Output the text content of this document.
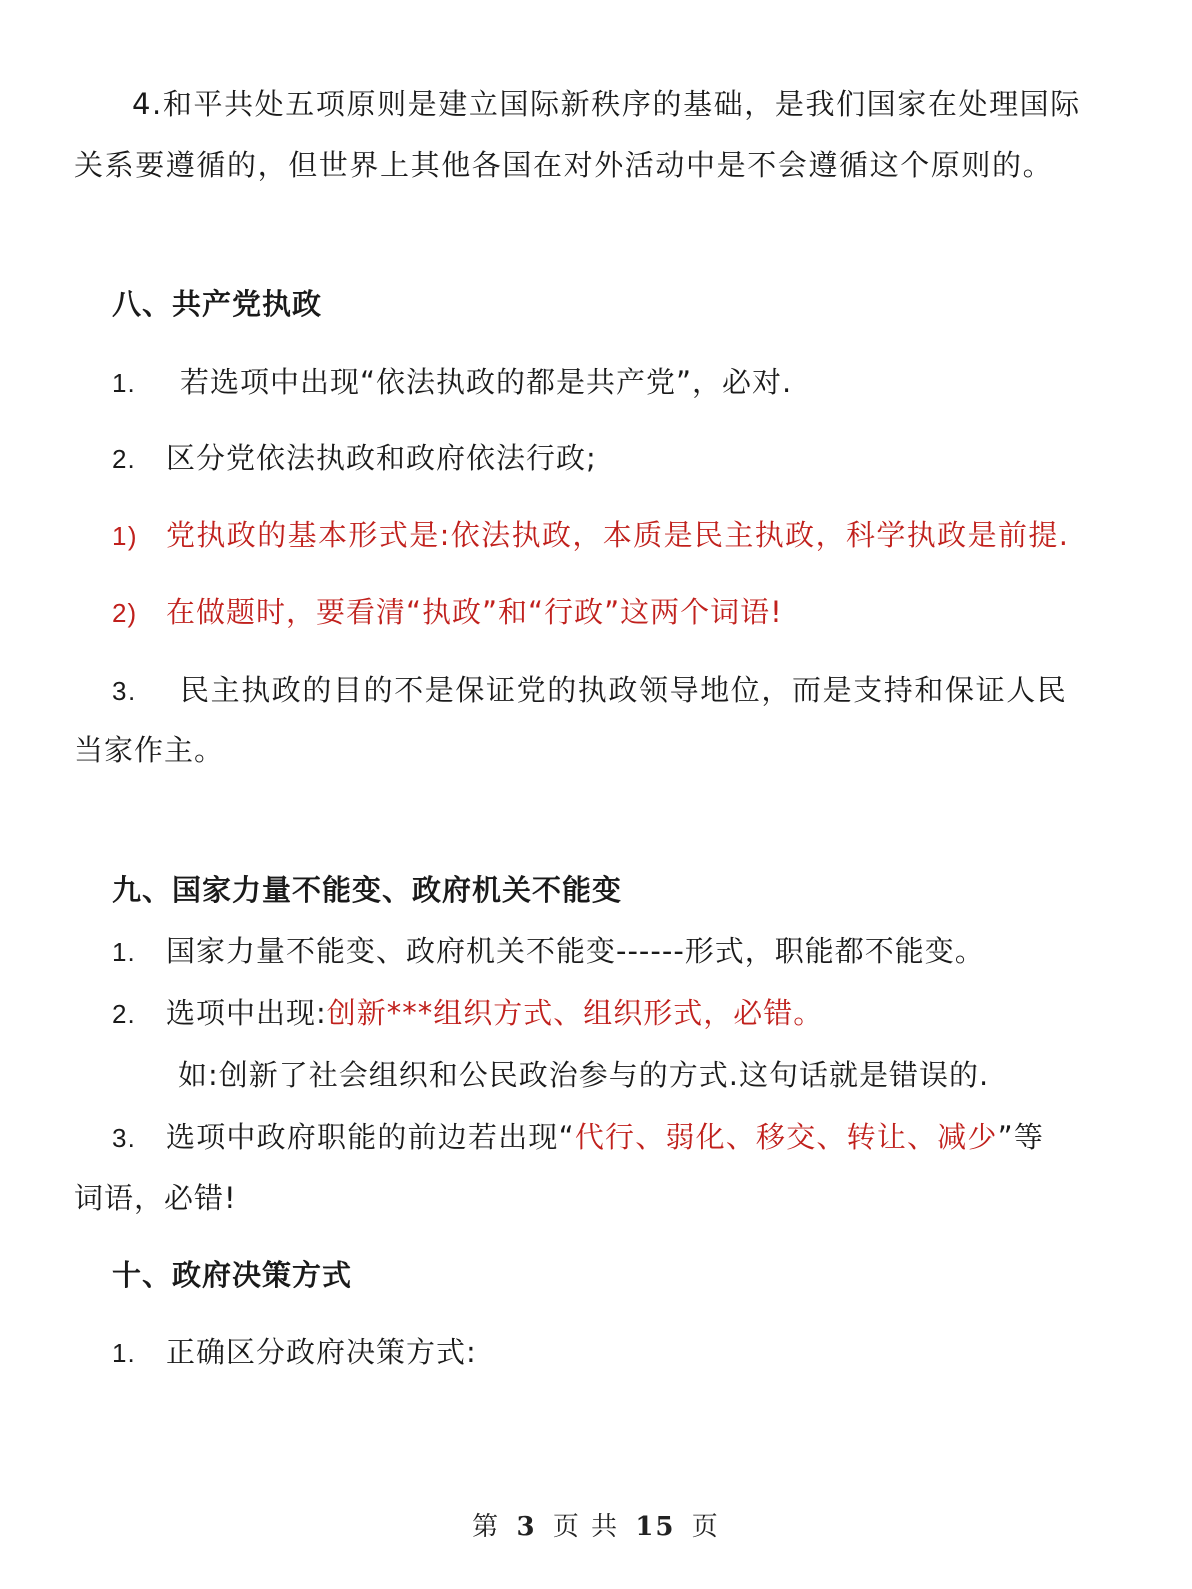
4.和平共处五项原则是建立国际新秩序的基础，是我们国家在处理国际
关系要遵循的，但世界上其他各国在对外活动中是不会遵循这个原则的。
八、共产党执政
1. 若选项中出现“依法执政的都是共产党”，必对.
2. 区分党依法执政和政府依法行政;
1) 党执政的基本形式是:依法执政，本质是民主执政，科学执政是前提.
2) 在做题时，要看清“执政”和“行政”这两个词语!
3. 民主执政的目的不是保证党的执政领导地位，而是支持和保证人民
当家作主。
九、国家力量不能变、政府机关不能变
1. 国家力量不能变、政府机关不能变------形式，职能都不能变。
2. 选项中出现:创新***组织方式、组织形式，必错。
如:创新了社会组织和公民政治参与的方式.这句话就是错误的.
3. 选项中政府职能的前边若出现“代行、弱化、移交、转让、减少”等
词语，必错!
十、政府决策方式
1. 正确区分政府决策方式:
第 3 页 共 15 页
